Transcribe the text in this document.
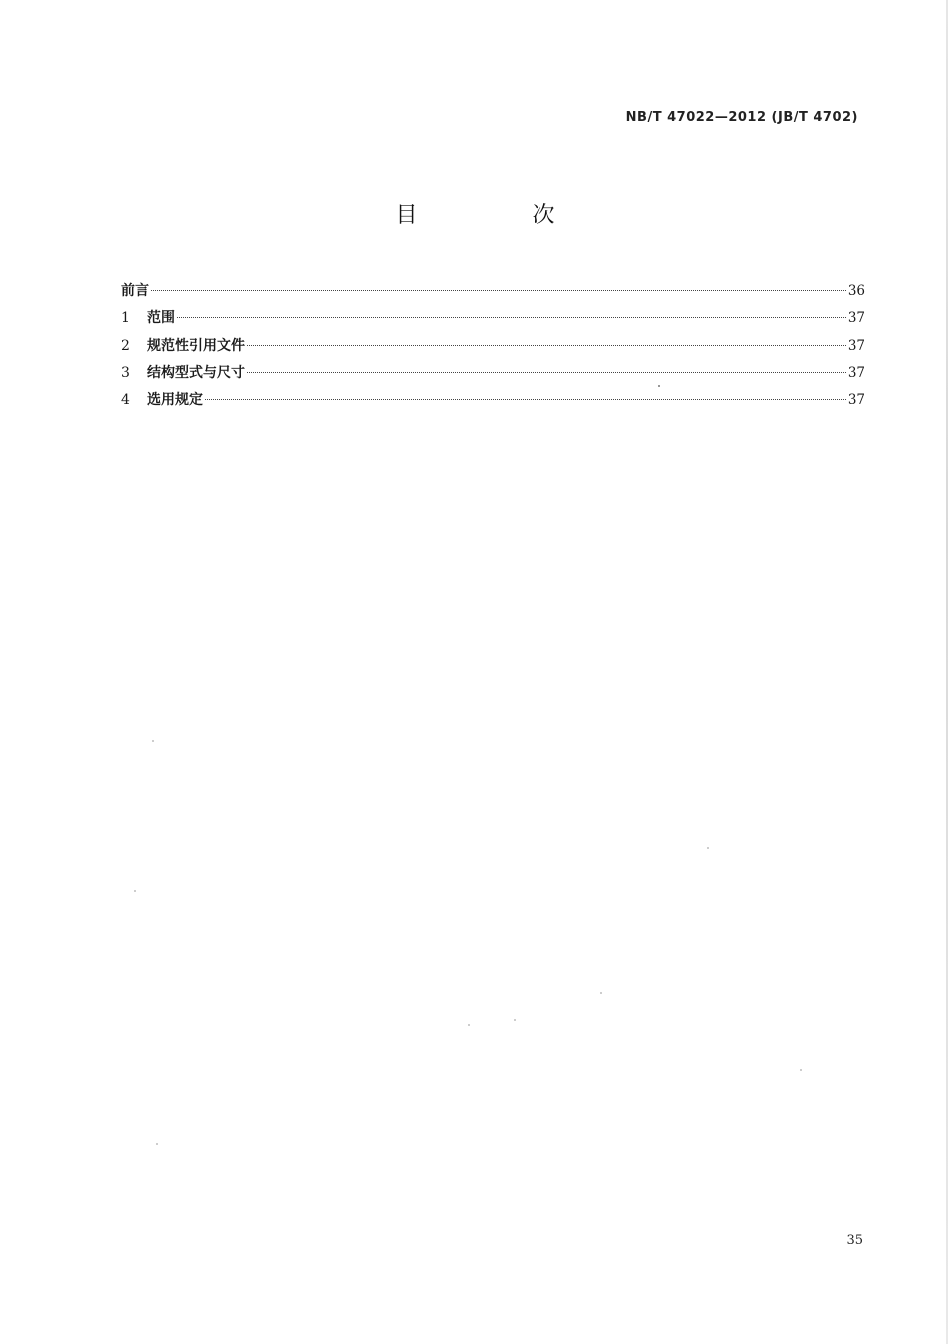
NB/T 47022—2012 (JB/T 4702)
目 次
前言	36
1	范围	37
2	规范性引用文件	37
3	结构型式与尺寸	37
4	选用规定	37
35
